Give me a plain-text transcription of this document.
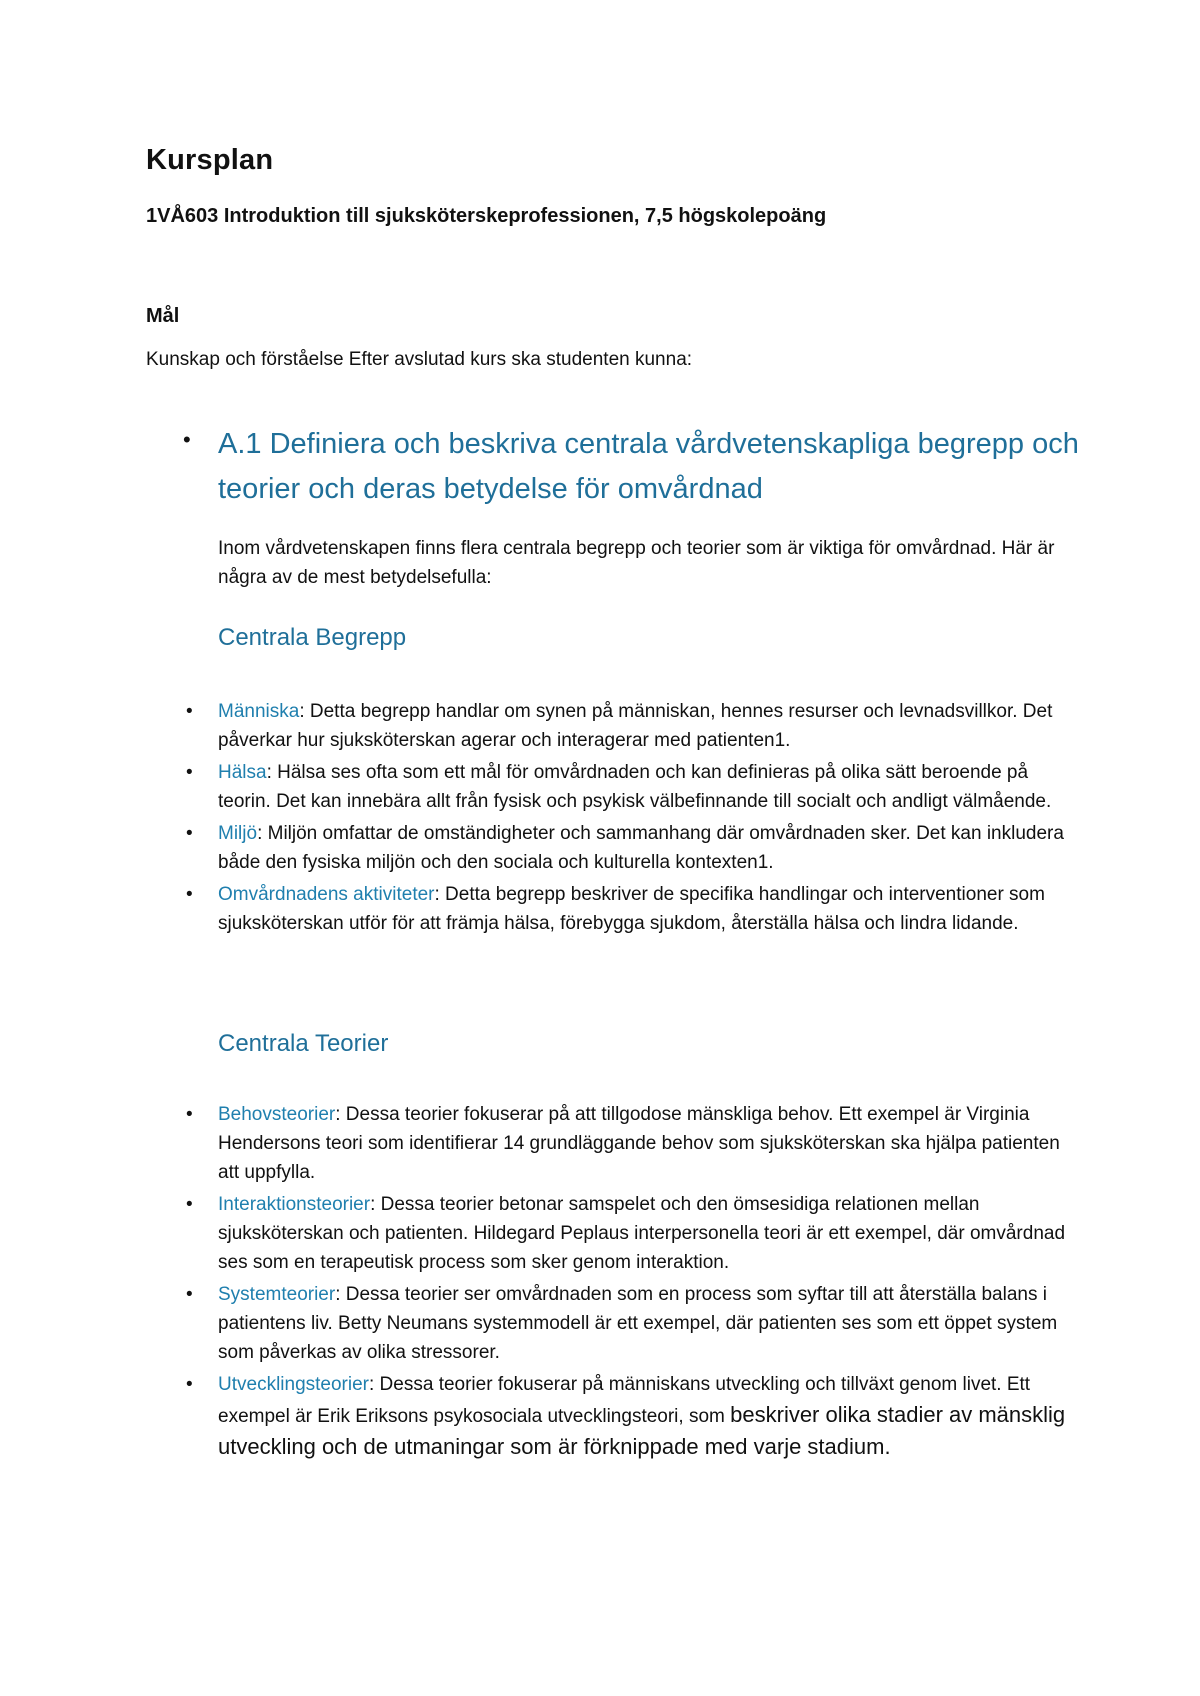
Kursplan
1VÅ603 Introduktion till sjuksköterskeprofessionen, 7,5 högskolepoäng
Mål
Kunskap och förståelse Efter avslutad kurs ska studenten kunna:
• A.1 Definiera och beskriva centrala vårdvetenskapliga begrepp och teorier och deras betydelse för omvårdnad

Inom vårdvetenskapen finns flera centrala begrepp och teorier som är viktiga för omvårdnad. Här är några av de mest betydelsefulla:

Centrala Begrepp
• Människa: Detta begrepp handlar om synen på människan, hennes resurser och levnadsvillkor. Det påverkar hur sjuksköterskan agerar och interagerar med patienten1.
• Hälsa: Hälsa ses ofta som ett mål för omvårdnaden och kan definieras på olika sätt beroende på teorin. Det kan innebära allt från fysisk och psykisk välbefinnande till socialt och andligt välmående.
• Miljö: Miljön omfattar de omständigheter och sammanhang där omvårdnaden sker. Det kan inkludera både den fysiska miljön och den sociala och kulturella kontexten1.
• Omvårdnadens aktiviteter: Detta begrepp beskriver de specifika handlingar och interventioner som sjuksköterskan utför för att främja hälsa, förebygga sjukdom, återställa hälsa och lindra lidande.
Centrala Teorier
• Behovsteorier: Dessa teorier fokuserar på att tillgodose mänskliga behov. Ett exempel är Virginia Hendersons teori som identifierar 14 grundläggande behov som sjuksköterskan ska hjälpa patienten att uppfylla.
• Interaktionsteorier: Dessa teorier betonar samspelet och den ömsesidiga relationen mellan sjuksköterskan och patienten. Hildegard Peplaus interpersonella teori är ett exempel, där omvårdnad ses som en terapeutisk process som sker genom interaktion.
• Systemteorier: Dessa teorier ser omvårdnaden som en process som syftar till att återställa balans i patientens liv. Betty Neumans systemmodell är ett exempel, där patienten ses som ett öppet system som påverkas av olika stressorer.
• Utvecklingsteorier: Dessa teorier fokuserar på människans utveckling och tillväxt genom livet. Ett exempel är Erik Eriksons psykosociala utvecklingsteori, som beskriver olika stadier av mänsklig utveckling och de utmaningar som är förknippade med varje stadium.
